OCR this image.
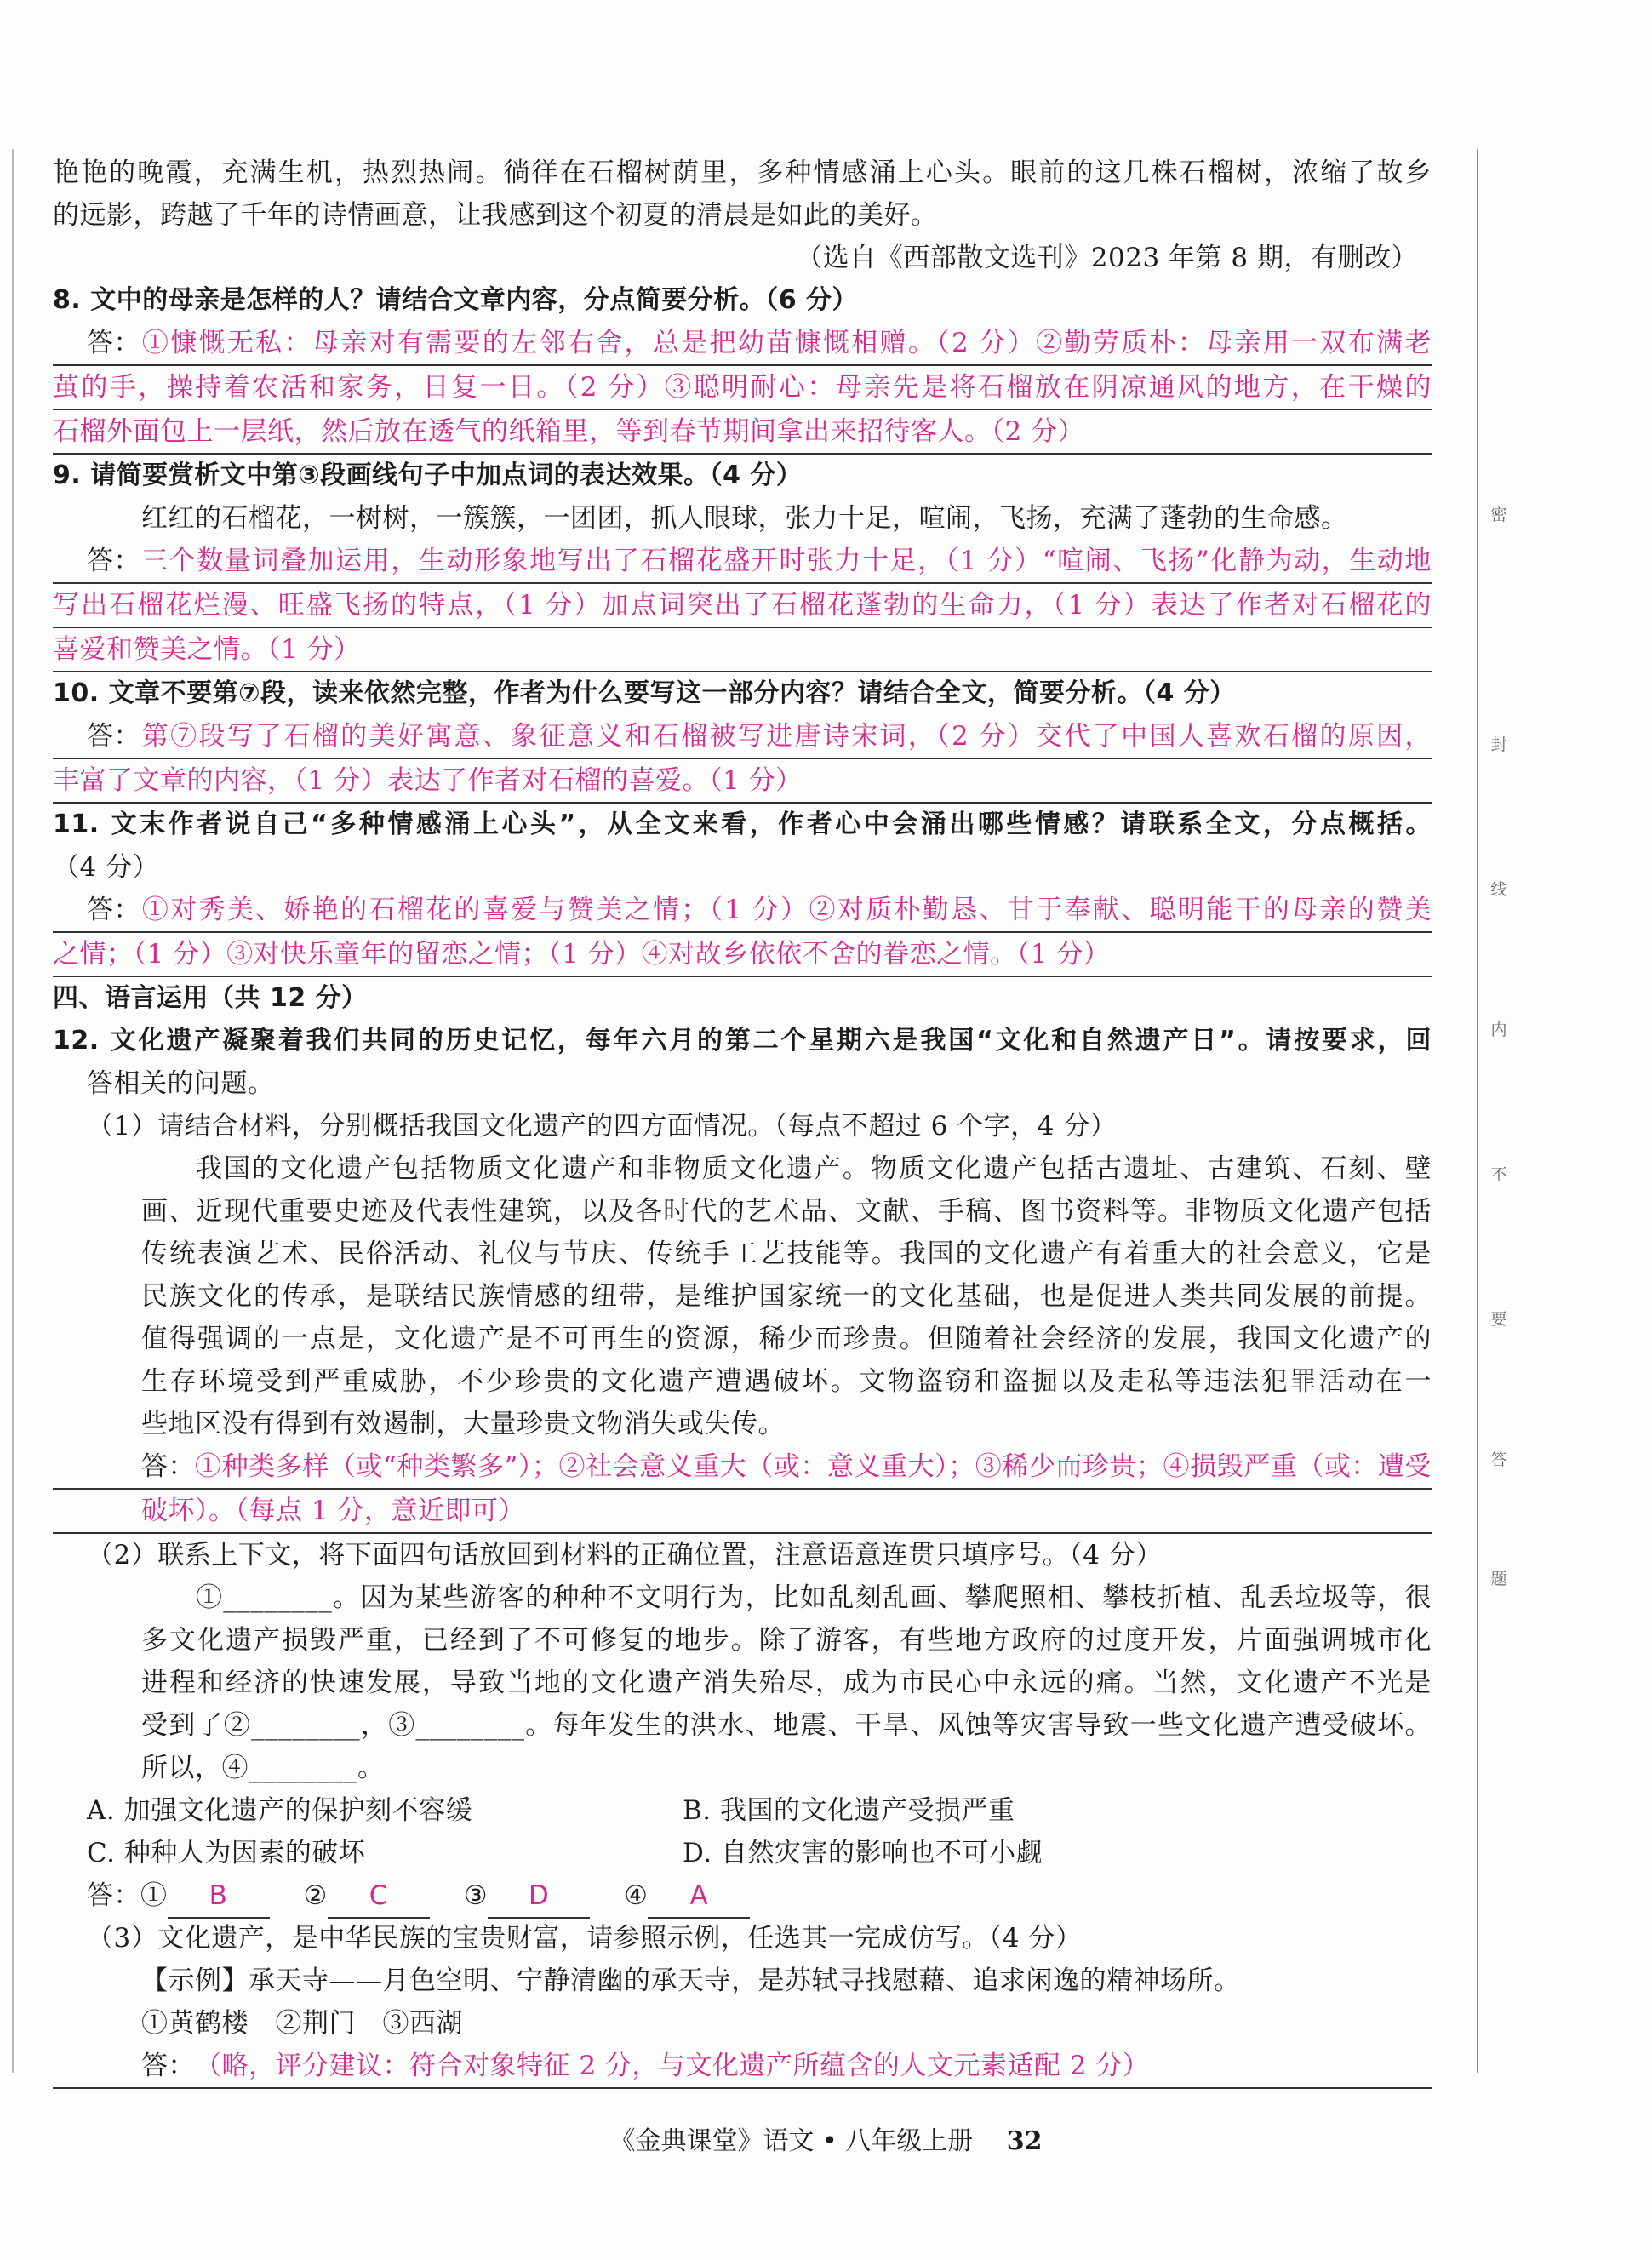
密
封
线
内
不
要
答
题
艳艳的晚霞，充满生机，热烈热闹。徜徉在石榴树荫里，多种情感涌上心头。眼前的这几株石榴树，浓缩了故乡
的远影，跨越了千年的诗情画意，让我感到这个初夏的清晨是如此的美好。
（选自《西部散文选刊》2023 年第 8 期，有删改）
8. 文中的母亲是怎样的人？请结合文章内容，分点简要分析。（6 分）
答：①慷慨无私：母亲对有需要的左邻右舍，总是把幼苗慷慨相赠。（2 分）②勤劳质朴：母亲用一双布满老
茧的手，操持着农活和家务，日复一日。（2 分）③聪明耐心：母亲先是将石榴放在阴凉通风的地方，在干燥的
石榴外面包上一层纸，然后放在透气的纸箱里，等到春节期间拿出来招待客人。（2 分）
9. 请简要赏析文中第③段画线句子中加点词的表达效果。（4 分）
红红的石榴花，一树树，一簇簇，一团团，抓人眼球，张力十足，喧闹，飞扬，充满了蓬勃的生命感。
答：三个数量词叠加运用，生动形象地写出了石榴花盛开时张力十足，（1 分）“喧闹、飞扬”化静为动，生动地
写出石榴花烂漫、旺盛飞扬的特点，（1 分）加点词突出了石榴花蓬勃的生命力，（1 分）表达了作者对石榴花的
喜爱和赞美之情。（1 分）
10. 文章不要第⑦段，读来依然完整，作者为什么要写这一部分内容？请结合全文，简要分析。（4 分）
答：第⑦段写了石榴的美好寓意、象征意义和石榴被写进唐诗宋词，（2 分）交代了中国人喜欢石榴的原因，
丰富了文章的内容，（1 分）表达了作者对石榴的喜爱。（1 分）
11. 文末作者说自己“多种情感涌上心头”，从全文来看，作者心中会涌出哪些情感？请联系全文，分点概括。
（4 分）
答：①对秀美、娇艳的石榴花的喜爱与赞美之情；（1 分）②对质朴勤恳、甘于奉献、聪明能干的母亲的赞美
之情；（1 分）③对快乐童年的留恋之情；（1 分）④对故乡依依不舍的眷恋之情。（1 分）
四、语言运用（共 12 分）
12. 文化遗产凝聚着我们共同的历史记忆，每年六月的第二个星期六是我国“文化和自然遗产日”。请按要求，回
答相关的问题。
（1）请结合材料，分别概括我国文化遗产的四方面情况。（每点不超过 6 个字，4 分）
我国的文化遗产包括物质文化遗产和非物质文化遗产。物质文化遗产包括古遗址、古建筑、石刻、壁
画、近现代重要史迹及代表性建筑，以及各时代的艺术品、文献、手稿、图书资料等。非物质文化遗产包括
传统表演艺术、民俗活动、礼仪与节庆、传统手工艺技能等。我国的文化遗产有着重大的社会意义，它是
民族文化的传承，是联结民族情感的纽带，是维护国家统一的文化基础，也是促进人类共同发展的前提。
值得强调的一点是，文化遗产是不可再生的资源，稀少而珍贵。但随着社会经济的发展，我国文化遗产的
生存环境受到严重威胁，不少珍贵的文化遗产遭遇破坏。文物盗窃和盗掘以及走私等违法犯罪活动在一
些地区没有得到有效遏制，大量珍贵文物消失或失传。
答：①种类多样（或“种类繁多”）；②社会意义重大（或：意义重大）；③稀少而珍贵；④损毁严重（或：遭受
破坏）。（每点 1 分，意近即可）
（2）联系上下文，将下面四句话放回到材料的正确位置，注意语意连贯只填序号。（4 分）
①________。因为某些游客的种种不文明行为，比如乱刻乱画、攀爬照相、攀枝折植、乱丢垃圾等，很
多文化遗产损毁严重，已经到了不可修复的地步。除了游客，有些地方政府的过度开发，片面强调城市化
进程和经济的快速发展，导致当地的文化遗产消失殆尽，成为市民心中永远的痛。当然，文化遗产不光是
受到了②________，③________。每年发生的洪水、地震、干旱、风蚀等灾害导致一些文化遗产遭受破坏。
所以，④________。
A. 加强文化遗产的保护刻不容缓	B. 我国的文化遗产受损严重
C. 种种人为因素的破坏	D. 自然灾害的影响也不可小觑
答：① B	② C	③ D	④ A
（3）文化遗产，是中华民族的宝贵财富，请参照示例，任选其一完成仿写。（4 分）
【示例】承天寺——月色空明、宁静清幽的承天寺，是苏轼寻找慰藉、追求闲逸的精神场所。
①黄鹤楼　②荆门　③西湖
答：（略，评分建议：符合对象特征 2 分，与文化遗产所蕴含的人文元素适配 2 分）
《金典课堂》语文 • 八年级上册 32
